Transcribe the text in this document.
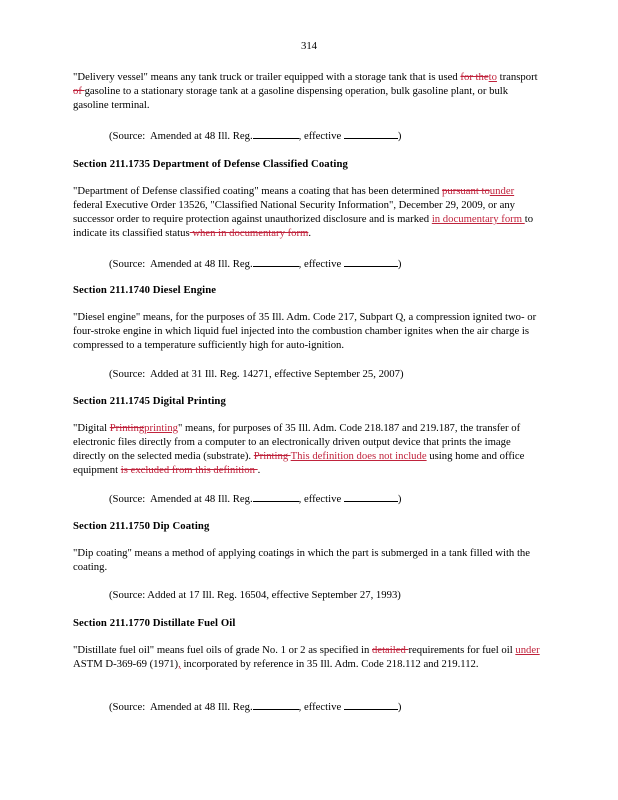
314

"Delivery vessel" means any tank truck or trailer equipped with a storage tank that is used for theto transport of gasoline to a stationary storage tank at a gasoline dispensing operation, bulk gasoline plant, or bulk gasoline terminal.

(Source:  Amended at 48 Ill. Reg.	, effective	)
Section 211.1735 Department of Defense Classified Coating

"Department of Defense classified coating" means a coating that has been determined pursuant tounder federal Executive Order 13526, "Classified National Security Information", December 29, 2009, or any successor order to require protection against unauthorized disclosure and is marked in documentary form to indicate its classified status when in documentary form.

(Source:  Amended at 48 Ill. Reg.	, effective	)
Section 211.1740 Diesel Engine

"Diesel engine" means, for the purposes of 35 Ill. Adm. Code 217, Subpart Q, a compression ignited two- or four-stroke engine in which liquid fuel injected into the combustion chamber ignites when the air charge is compressed to a temperature sufficiently high for auto-ignition.

(Source:  Added at 31 Ill. Reg. 14271, effective September 25, 2007)
Section 211.1745 Digital Printing

"Digital Printingprinting" means, for purposes of 35 Ill. Adm. Code 218.187 and 219.187, the transfer of electronic files directly from a computer to an electronically driven output device that prints the image directly on the selected media (substrate). Printing This definition does not include using home and office equipment is excluded from this definition .

(Source:  Amended at 48 Ill. Reg.	, effective	)
Section 211.1750 Dip Coating

"Dip coating" means a method of applying coatings in which the part is submerged in a tank filled with the coating.

(Source: Added at 17 Ill. Reg. 16504, effective September 27, 1993)
Section 211.1770 Distillate Fuel Oil

"Distillate fuel oil" means fuel oils of grade No. 1 or 2 as specified in detailed requirements for fuel oil under ASTM D-369-69 (1971), incorporated by reference in 35 Ill. Adm. Code 218.112 and 219.112.

(Source:  Amended at 48 Ill. Reg.	, effective	)
